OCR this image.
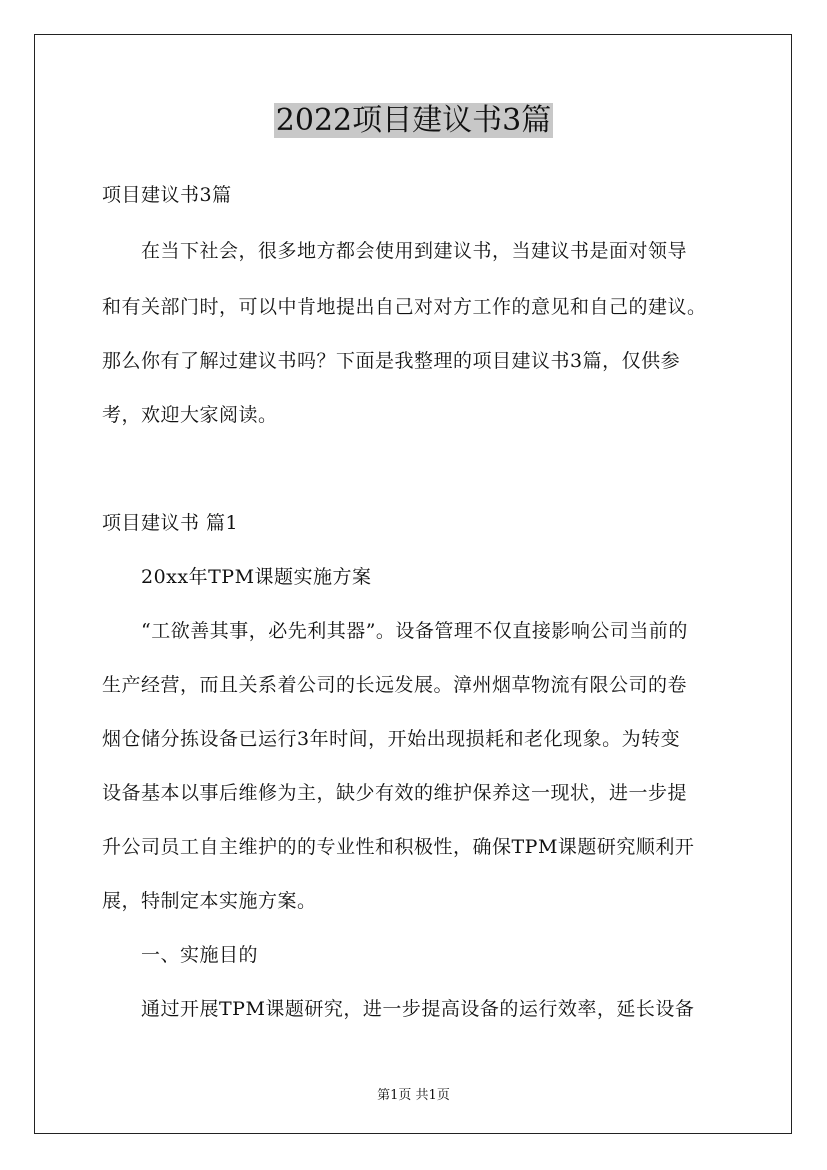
2022项目建议书3篇
项目建议书3篇
　　在当下社会，很多地方都会使用到建议书，当建议书是面对领导
和有关部门时，可以中肯地提出自己对对方工作的意见和自己的建议。
那么你有了解过建议书吗？下面是我整理的项目建议书3篇，仅供参
考，欢迎大家阅读。
项目建议书 篇1
　　20xx年TPM课题实施方案
　　“工欲善其事，必先利其器”。设备管理不仅直接影响公司当前的
生产经营，而且关系着公司的长远发展。漳州烟草物流有限公司的卷
烟仓储分拣设备已运行3年时间，开始出现损耗和老化现象。为转变
设备基本以事后维修为主，缺少有效的维护保养这一现状，进一步提
升公司员工自主维护的的专业性和积极性，确保TPM课题研究顺利开
展，特制定本实施方案。
　　一、实施目的
　　通过开展TPM课题研究，进一步提高设备的运行效率，延长设备
第1页 共1页
